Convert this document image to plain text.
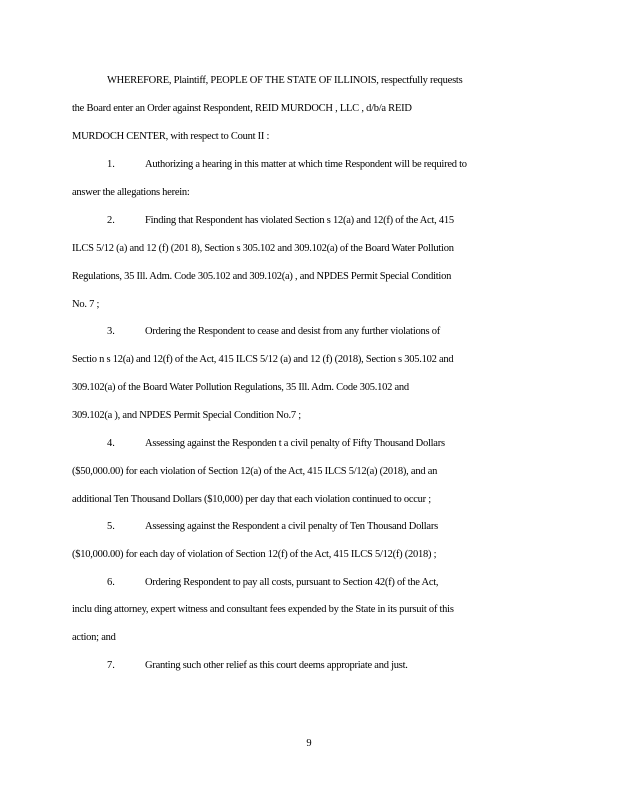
WHEREFORE, Plaintiff, PEOPLE OF THE STATE OF ILLINOIS, respectfully requests
the Board enter an Order against Respondent, REID MURDOCH , LLC , d/b/a REID
MURDOCH CENTER, with respect to Count II :
1.	Authorizing a hearing in this matter at which time Respondent will be required to
answer the allegations herein:
2.	Finding that Respondent has violated Section s 12(a) and 12(f) of the Act, 415
ILCS 5/12 (a) and 12 (f) (201 8), Section s 305.102 and 309.102(a) of the Board Water Pollution
Regulations, 35 Ill. Adm. Code 305.102 and 309.102(a) , and NPDES Permit Special Condition
No. 7 ;
3.	Ordering the Respondent to cease and desist from any further violations of
Sectio n s 12(a) and 12(f) of the Act, 415 ILCS 5/12 (a) and 12 (f) (2018), Section s 305.102 and
309.102(a) of the Board Water Pollution Regulations, 35 Ill. Adm. Code 305.102 and
309.102(a ), and NPDES Permit Special Condition No.7 ;
4.	Assessing against the Responden t a civil penalty of Fifty Thousand Dollars
($50,000.00) for each violation of Section 12(a) of the Act, 415 ILCS 5/12(a) (2018), and an
additional Ten Thousand Dollars ($10,000) per day that each violation continued to occur ;
5.	Assessing against the Respondent a civil penalty of Ten Thousand Dollars
($10,000.00) for each day of violation of Section 12(f) of the Act, 415 ILCS 5/12(f) (2018) ;
6.	Ordering Respondent to pay all costs, pursuant to Section 42(f) of the Act,
inclu ding attorney, expert witness and consultant fees expended by the State in its pursuit of this
action; and
7.	Granting such other relief as this court deems appropriate and just.
9
